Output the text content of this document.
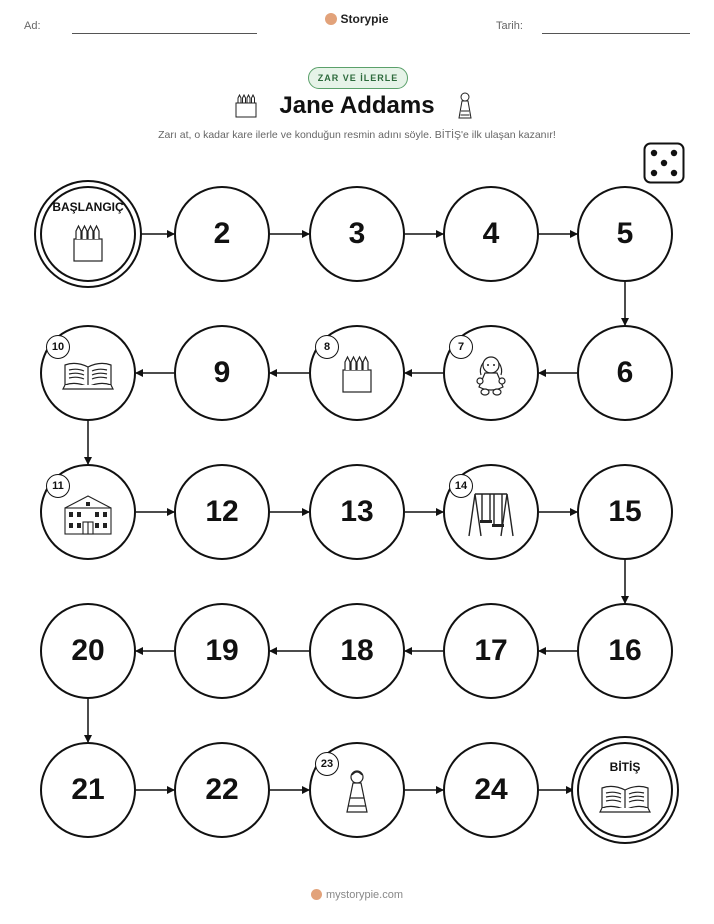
Ad:	Storypie	Tarih:
ZAR VE İLERLE
Jane Addams
Zarı at, o kadar kare ilerle ve konduğun resmin adını söyle. BİTİŞ'e ilk ulaşan kazanır!
BAŞLANGIÇ
2	3	4	5
6
7
8
9
10
11
12	13
14
15
16
17
18
19
20
21	22
23
24
BİTİŞ
mystorypie.com
